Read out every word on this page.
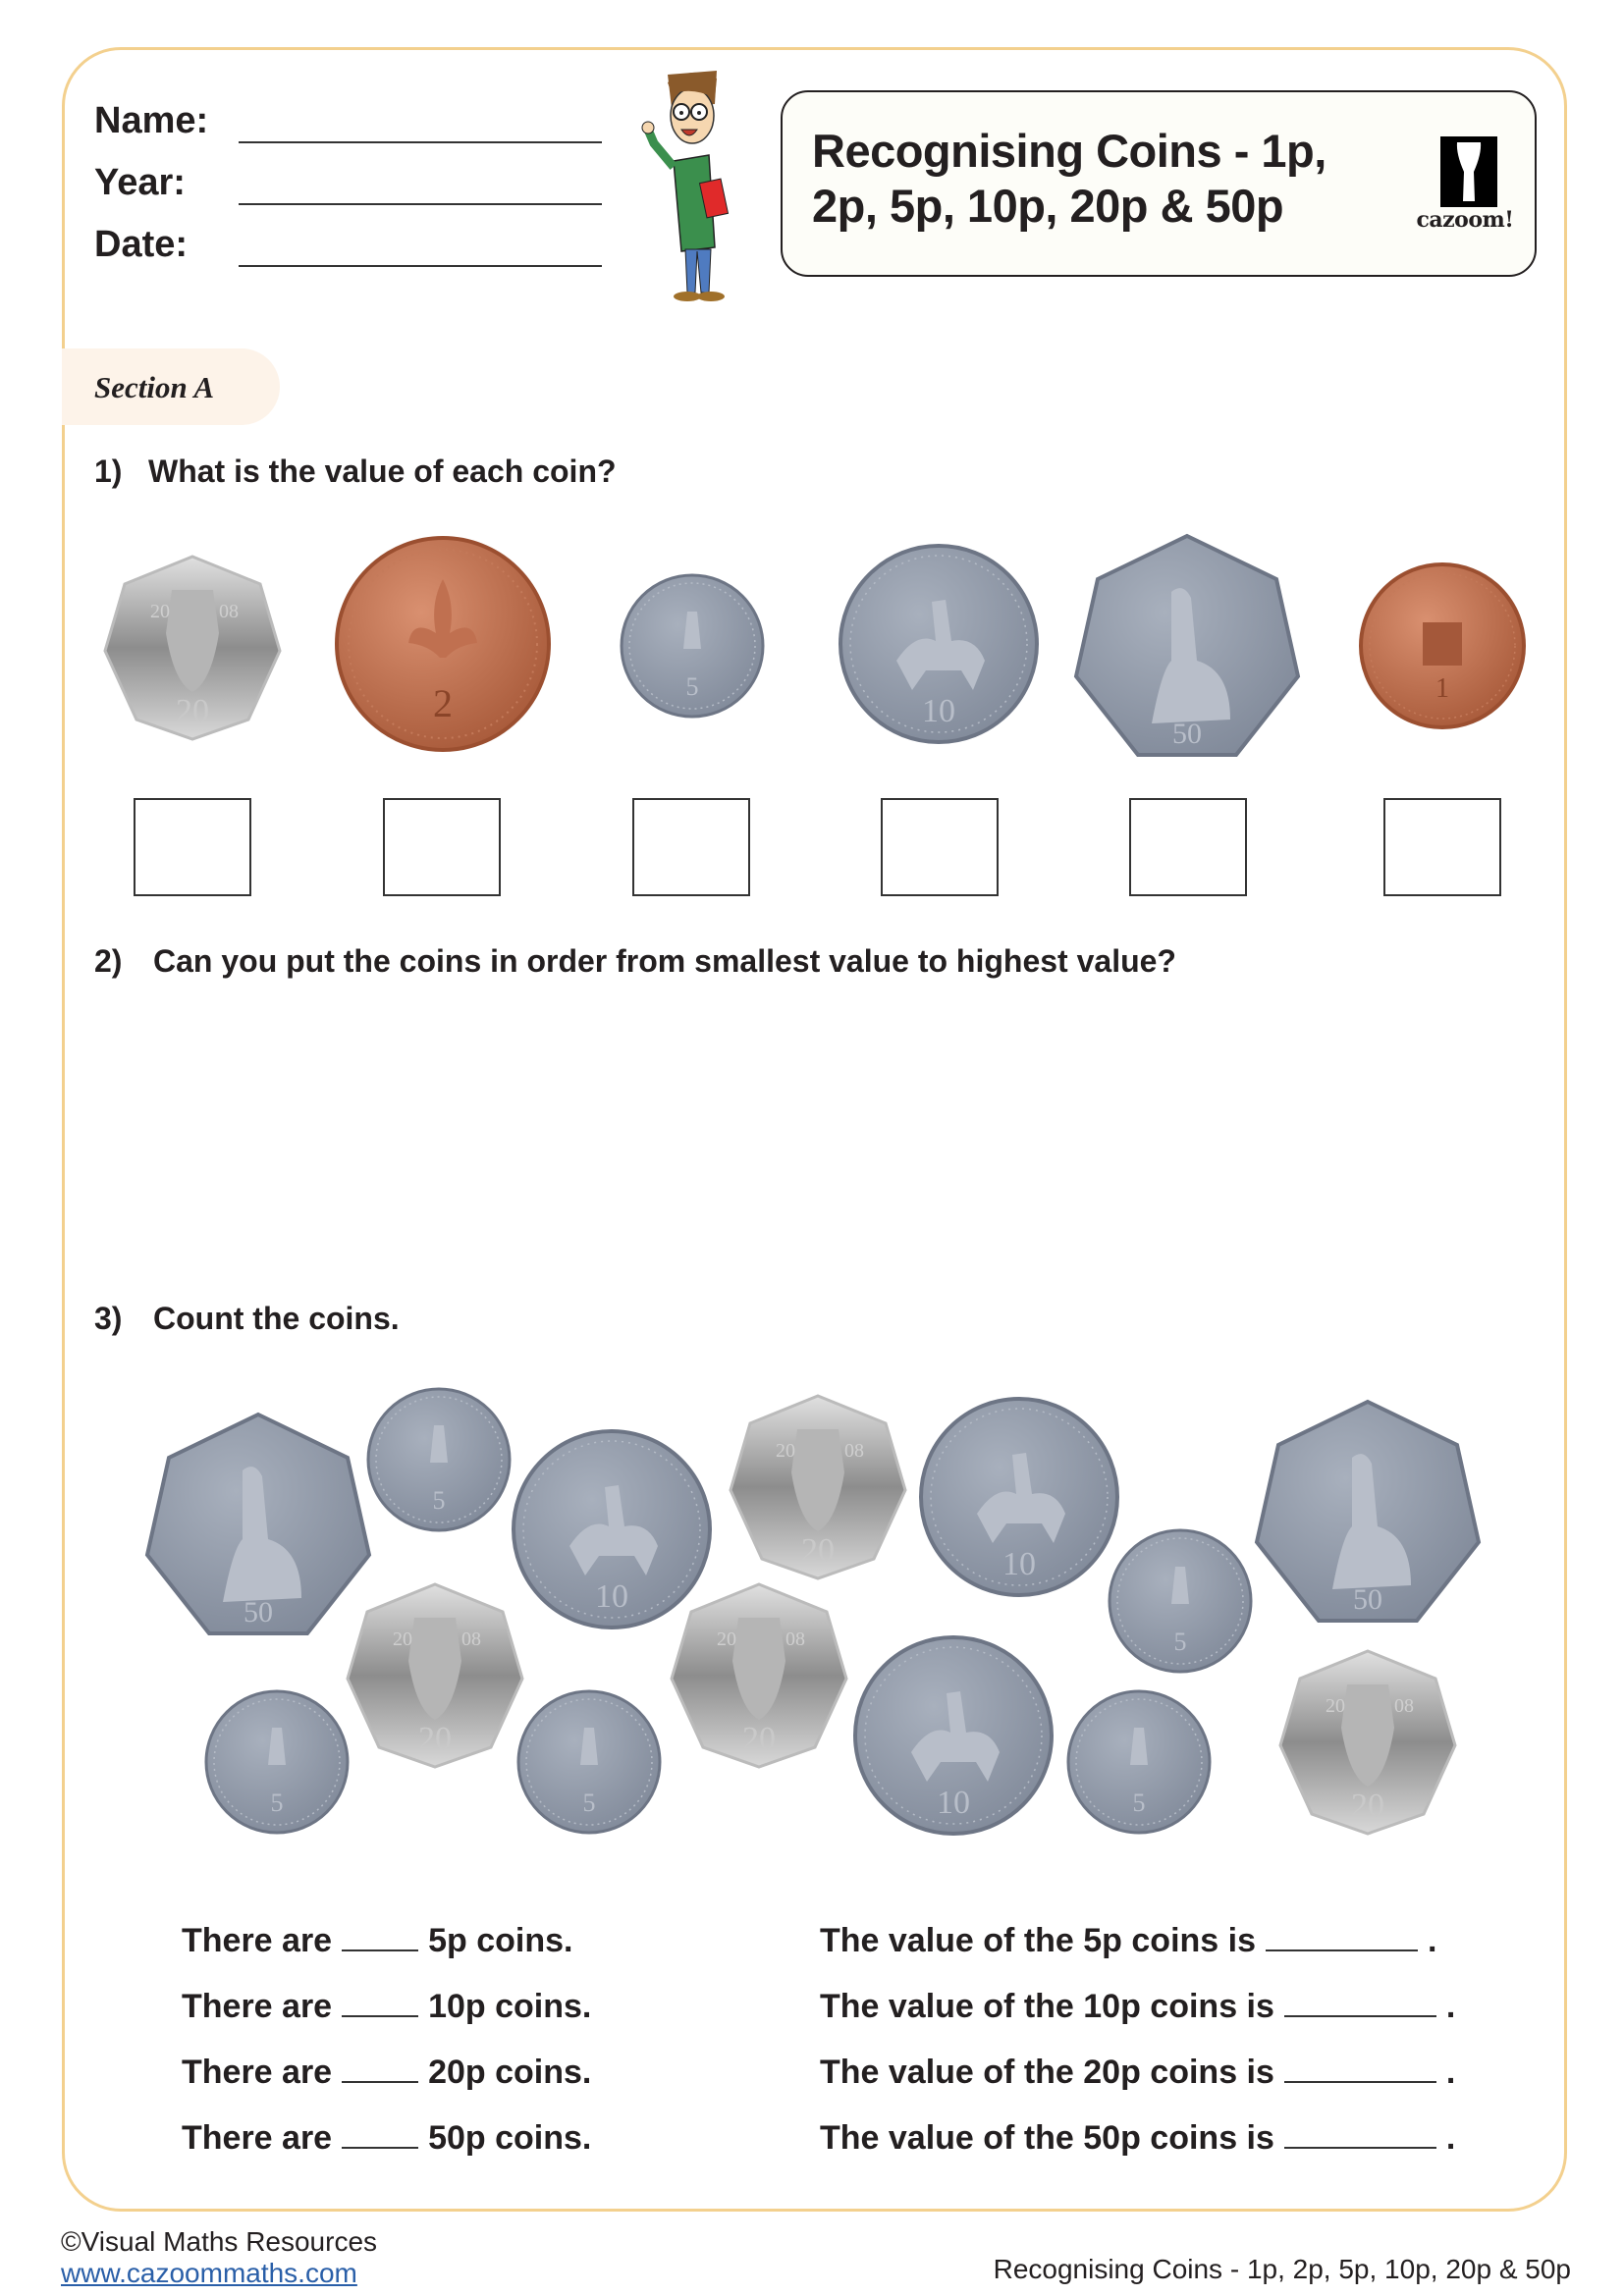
Name:
Year:
Date:
Recognising Coins - 1p, 2p, 5p, 10p, 20p & 50p	cazoom!
Section A
1) What is the value of each coin?
20	08
20	2	5
10
50
1
2) Can you put the coins in order from smallest value to highest value?
3) Count the coins.
50
5
10
20	08
20	10
50
5
20	08
20
20	08
20
5	5	10	5
20	08
20
There are	5p coins.
There are	10p coins.
There are	20p coins.
There are	50p coins.
The value of the 5p coins is	.
The value of the 10p coins is	.
The value of the 20p coins is	.
The value of the 50p coins is	.
©Visual Maths Resources
www.cazoommaths.com	Recognising Coins - 1p, 2p, 5p, 10p, 20p & 50p
